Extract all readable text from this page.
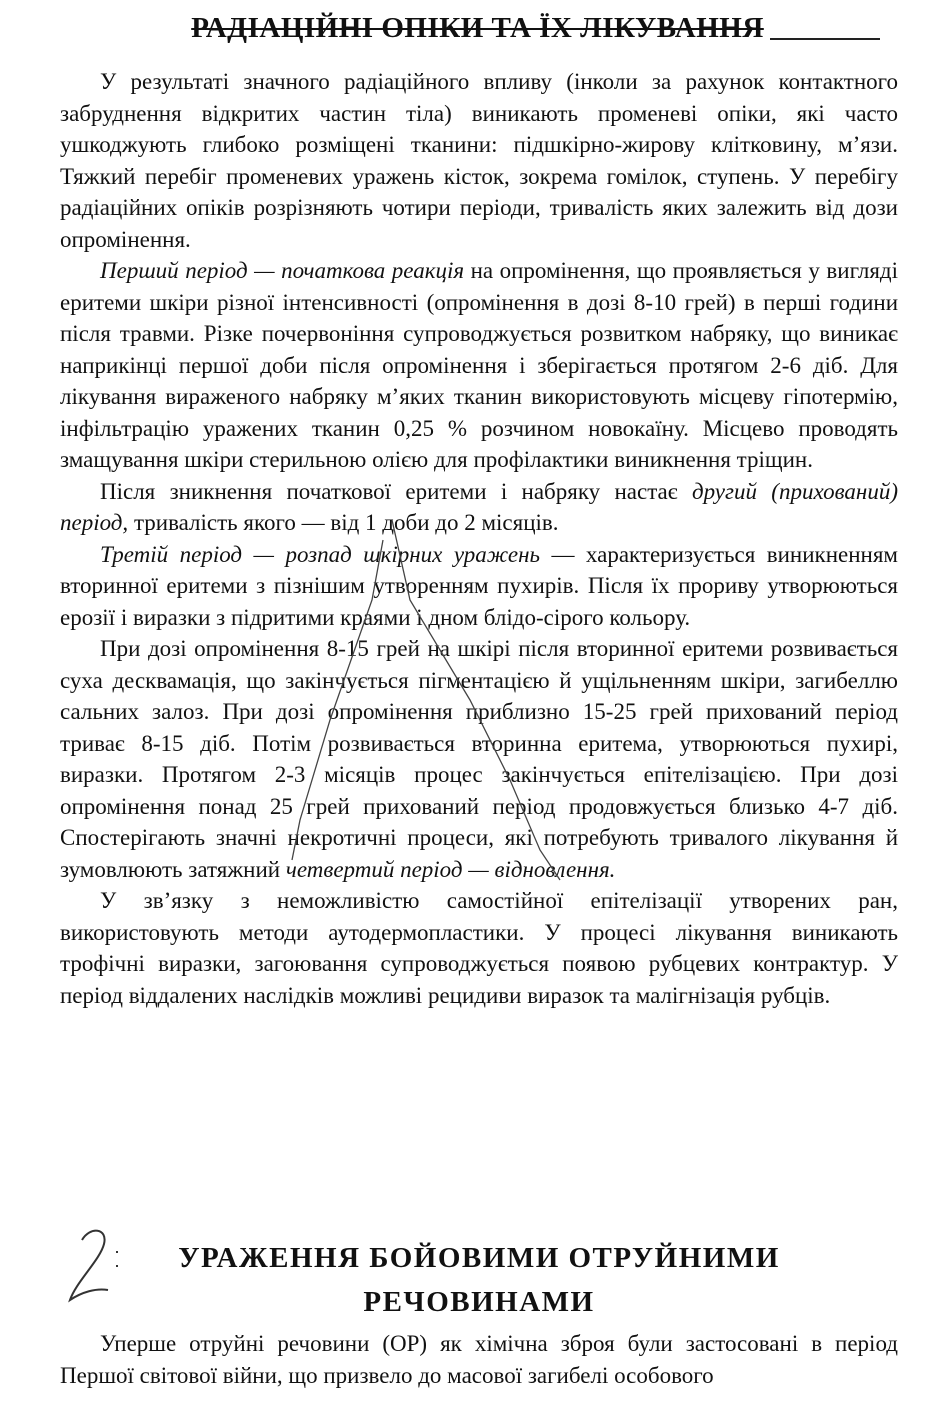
РАДІАЦІЙНІ ОПІКИ ТА ЇХ ЛІКУВАННЯ

У результаті значного радіаційного впливу (інколи за рахунок контактного забруднення відкритих частин тіла) виникають променеві опіки, які часто ушкоджують глибоко розміщені тканини: підшкірно-жирову клітковину, м’язи. Тяжкий перебіг променевих уражень кісток, зокрема гомілок, ступень. У перебігу радіаційних опіків розрізняють чотири періоди, тривалість яких залежить від дози опромінення.

Перший період — початкова реакція на опромінення, що проявляється у вигляді еритеми шкіри різної інтенсивності (опромінення в дозі 8-10 грей) в перші години після травми. Різке почервоніння супроводжується розвитком набряку, що виникає наприкінці першої доби після опромінення і зберігається протягом 2-6 діб. Для лікування вираженого набряку м’яких тканин використовують місцеву гіпотермію, інфільтрацію уражених тканин 0,25 % розчином новокаїну. Місцево проводять змащування шкіри стерильною олією для профілактики виникнення тріщин.

Після зникнення початкової еритеми і набряку настає другий (прихований) період, тривалість якого — від 1 доби до 2 місяців.

Третій період — розпад шкірних уражень — характеризується виникненням вторинної еритеми з пізнішим утворенням пухирів. Після їх прориву утворюються ерозії і виразки з підритими краями і дном блідо-сірого кольору.

При дозі опромінення 8-15 грей на шкірі після вторинної еритеми розвивається суха десквамація, що закінчується пігментацією й ущільненням шкіри, загибеллю сальних залоз. При дозі опромінення приблизно 15-25 грей прихований період триває 8-15 діб. Потім розвивається вторинна еритема, утворюються пухирі, виразки. Протягом 2-3 місяців процес закінчується епітелізацією. При дозі опромінення понад 25 грей прихований період продовжується близько 4-7 діб. Спостерігають значні некротичні процеси, які потребують тривалого лікування й зумовлюють затяжний четвертий період — відновлення.

У зв’язку з неможливістю самостійної епітелізації утворених ран, використовують методи аутодермопластики. У процесі лікування виникають трофічні виразки, загоювання супроводжується появою рубцевих контрактур. У період віддалених наслідків можливі рецидиви виразок та малігнізація рубців.

УРАЖЕННЯ БОЙОВИМИ ОТРУЙНИМИ
РЕЧОВИНАМИ

Уперше отруйні речовини (ОР) як хімічна зброя були застосовані в період Першої світової війни, що призвело до масової загибелі особового
